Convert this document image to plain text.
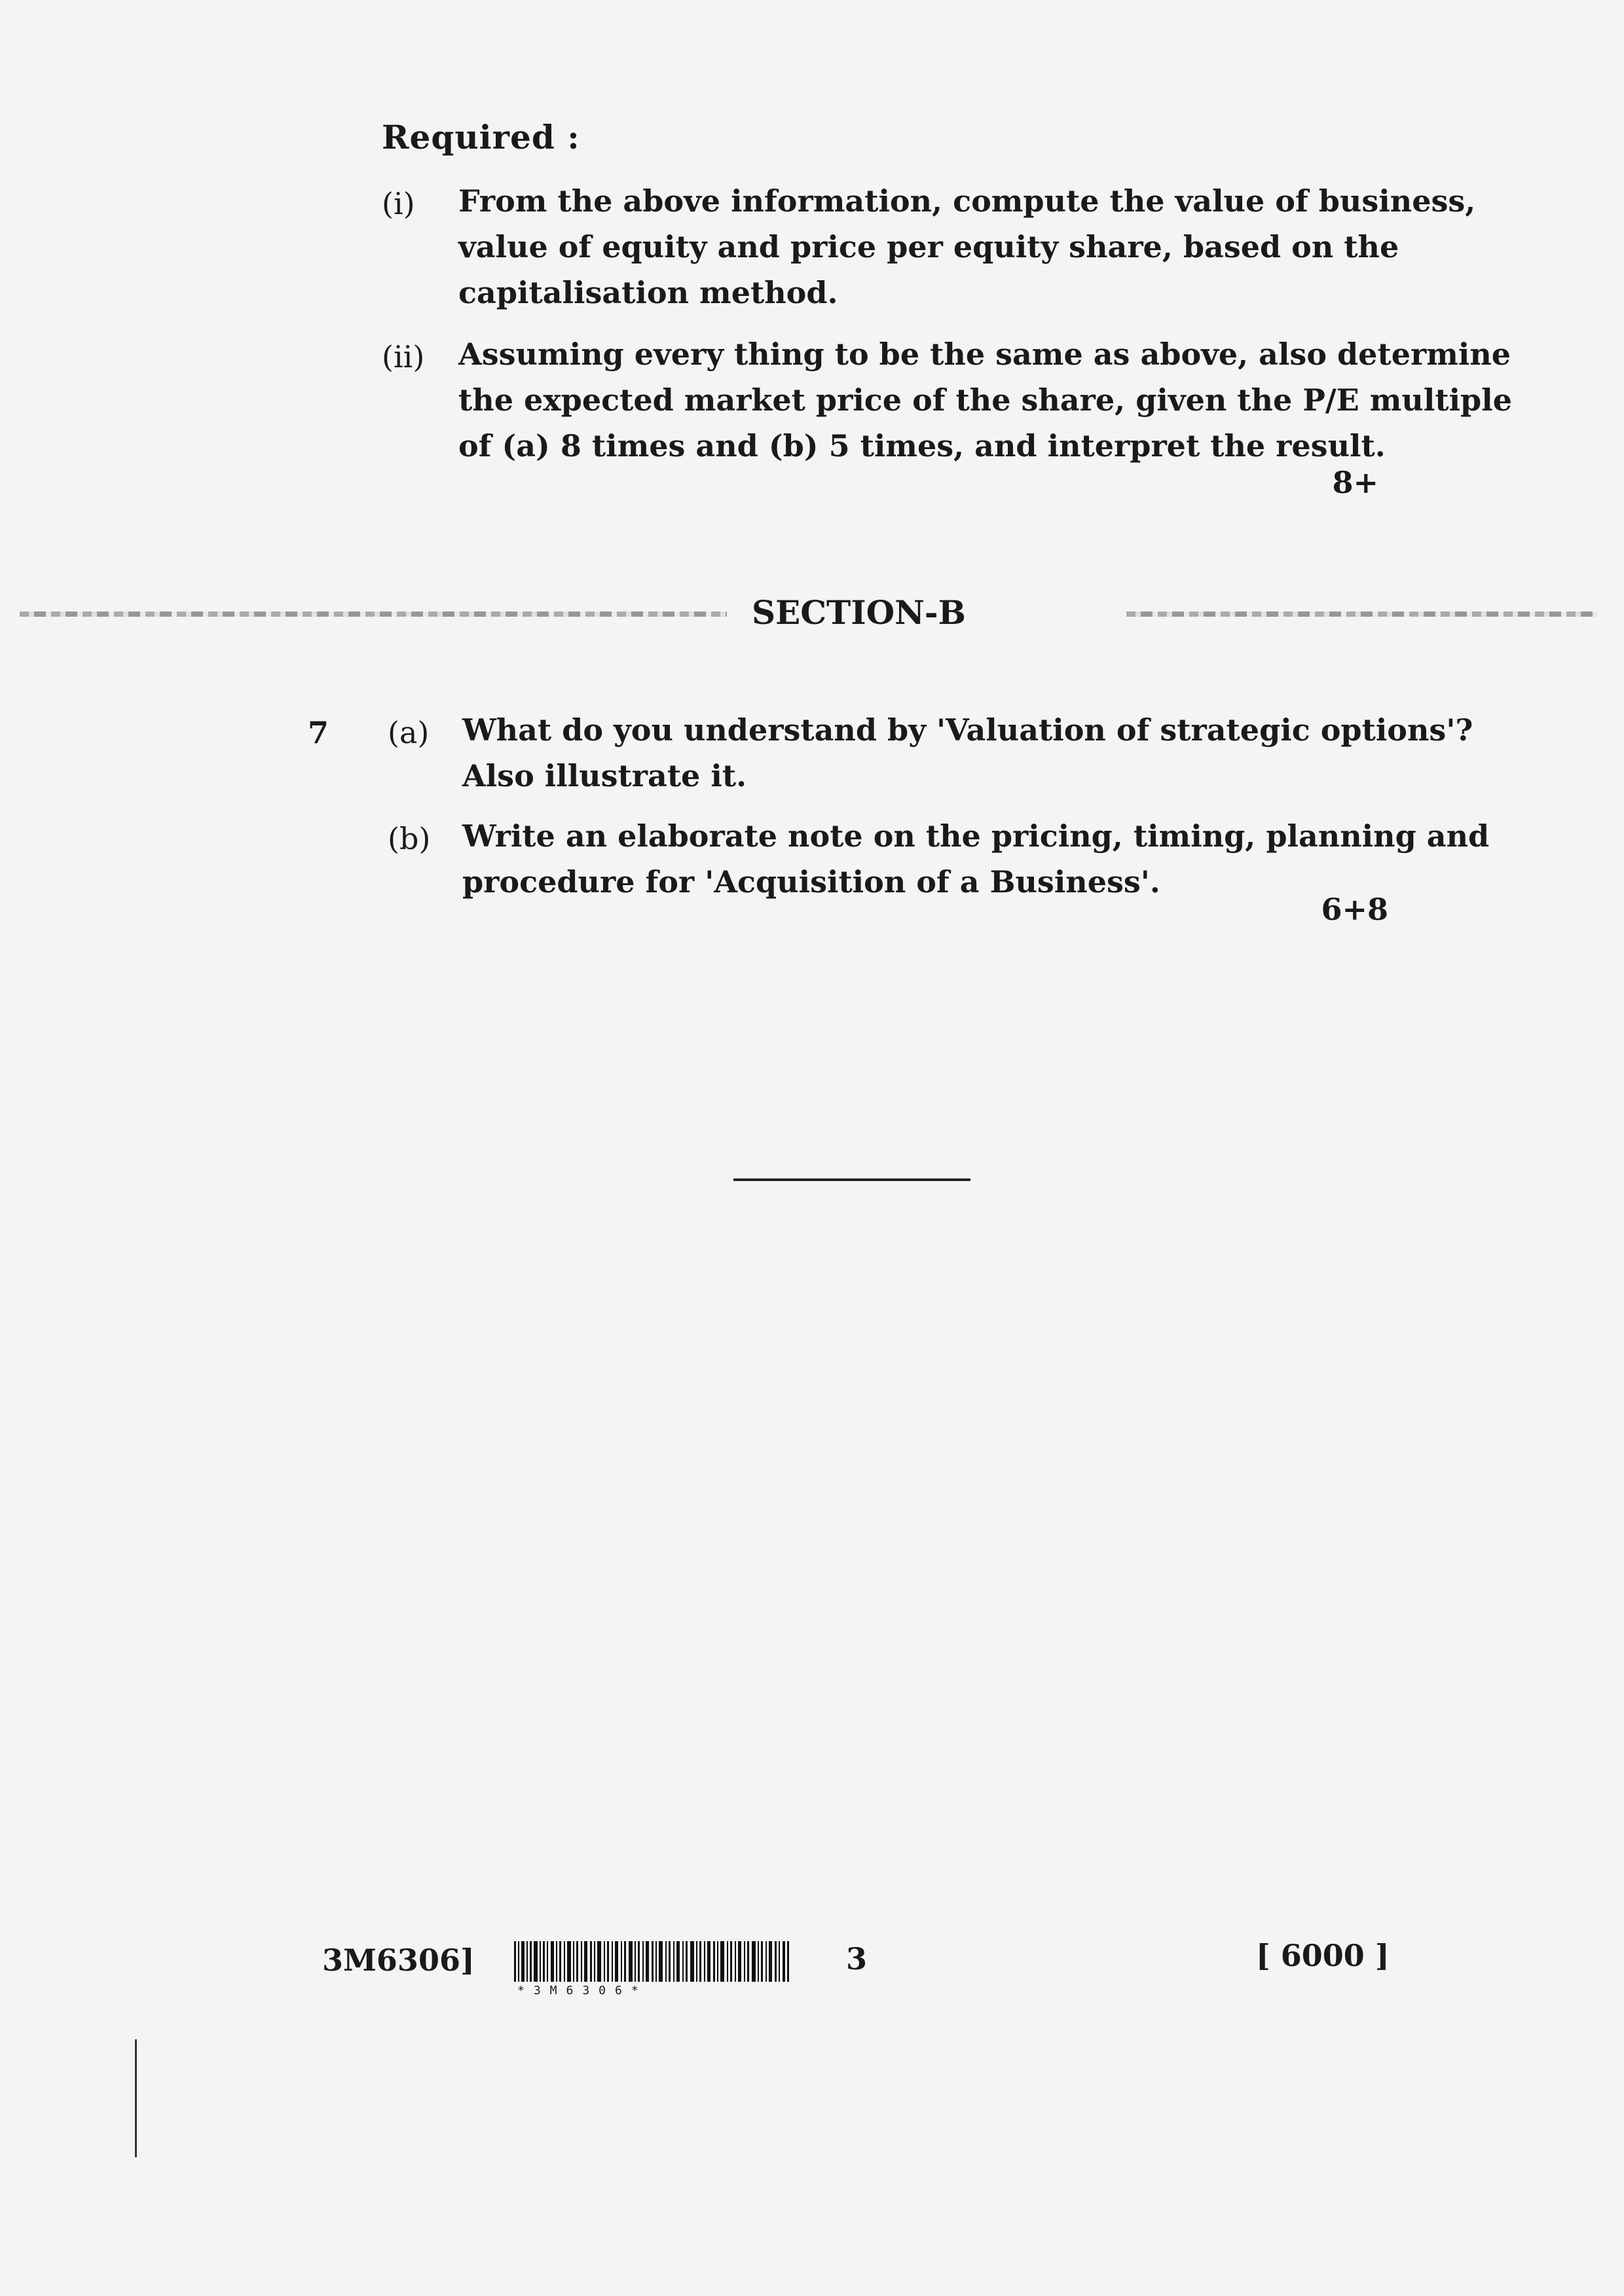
Required :
(i) From the above information, compute the value of business,
value of equity and price per equity share, based on the
capitalisation method.
(ii) Assuming every thing to be the same as above, also determine
the expected market price of the share, given the P/E multiple
of (a) 8 times and (b) 5 times, and interpret the result.
8+
SECTION-B
7 (a) What do you understand by 'Valuation of strategic options'?
Also illustrate it.
(b) Write an elaborate note on the pricing, timing, planning and
procedure for 'Acquisition of a Business'.
6+8
3M6306]
*3M6306*
3	[ 6000 ]
